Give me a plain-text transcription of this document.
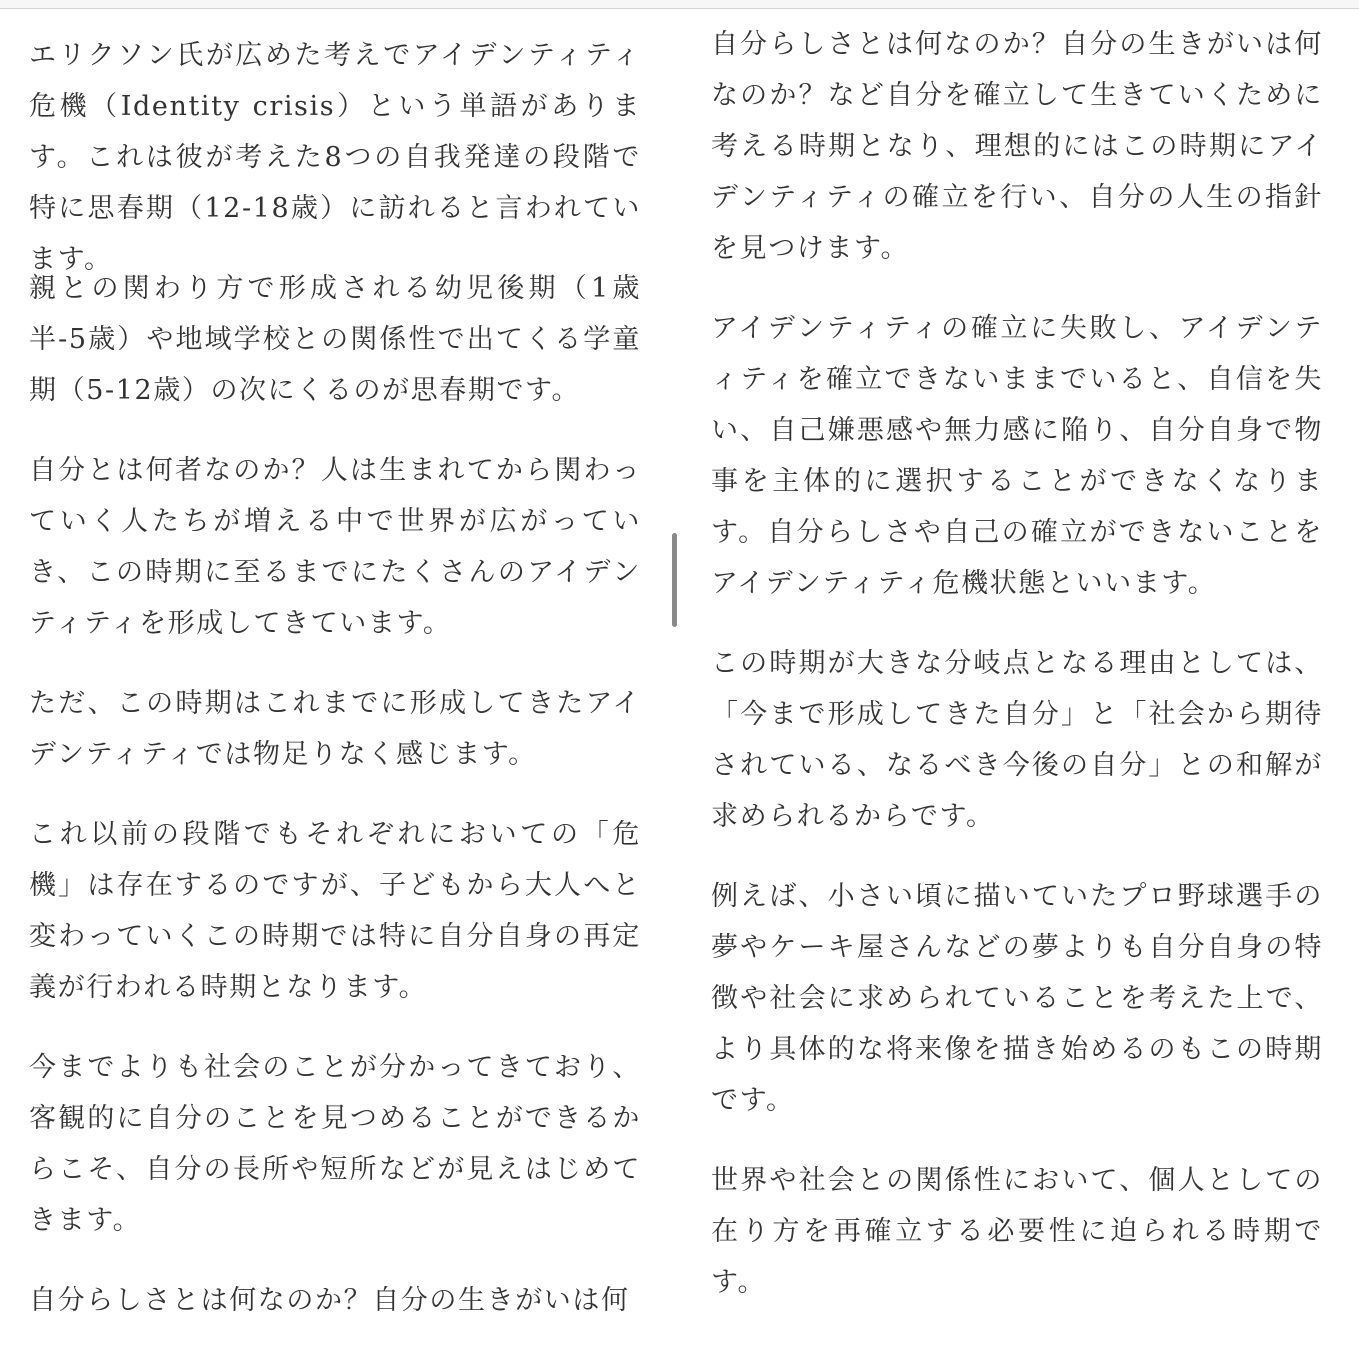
エリクソン氏が広めた考えでアイデンティティ危機（Identity crisis）という単語があります。これは彼が考えた8つの自我発達の段階で特に思春期（12-18歳）に訪れると言われています。

親との関わり方で形成される幼児後期（1歳半-5歳）や地域学校との関係性で出てくる学童期（5-12歳）の次にくるのが思春期です。

自分とは何者なのか？人は生まれてから関わっていく人たちが増える中で世界が広がっていき、この時期に至るまでにたくさんのアイデンティティを形成してきています。

ただ、この時期はこれまでに形成してきたアイデンティティでは物足りなく感じます。

これ以前の段階でもそれぞれにおいての「危機」は存在するのですが、子どもから大人へと変わっていくこの時期では特に自分自身の再定義が行われる時期となります。

今までよりも社会のことが分かってきており、客観的に自分のことを見つめることができるからこそ、自分の長所や短所などが見えはじめてきます。

自分らしさとは何なのか？自分の生きがいは何

自分らしさとは何なのか？自分の生きがいは何なのか？など自分を確立して生きていくために考える時期となり、理想的にはこの時期にアイデンティティの確立を行い、自分の人生の指針を見つけます。

アイデンティティの確立に失敗し、アイデンティティを確立できないままでいると、自信を失い、自己嫌悪感や無力感に陥り、自分自身で物事を主体的に選択することができなくなります。自分らしさや自己の確立ができないことをアイデンティティ危機状態といいます。

この時期が大きな分岐点となる理由としては、「今まで形成してきた自分」と「社会から期待されている、なるべき今後の自分」との和解が求められるからです。

例えば、小さい頃に描いていたプロ野球選手の夢やケーキ屋さんなどの夢よりも自分自身の特徴や社会に求められていることを考えた上で、より具体的な将来像を描き始めるのもこの時期です。

世界や社会との関係性において、個人としての在り方を再確立する必要性に迫られる時期です。
